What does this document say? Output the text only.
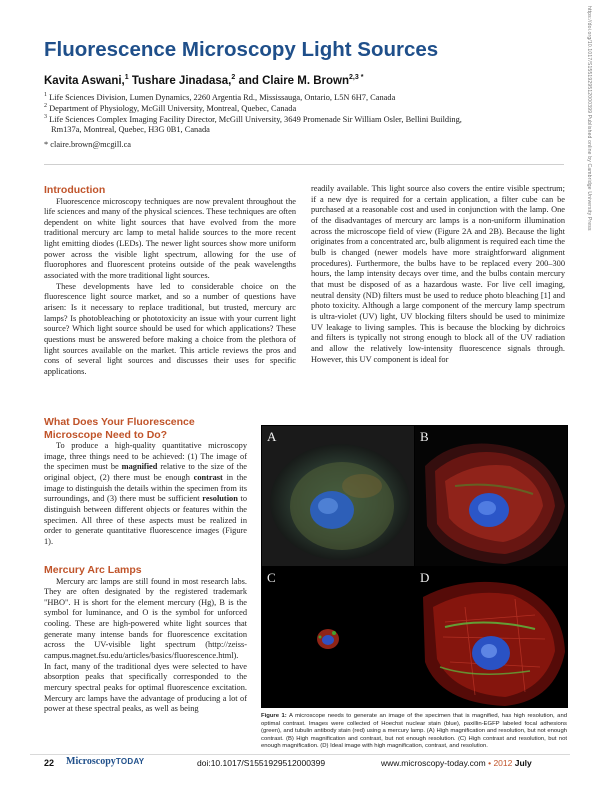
https://doi.org/10.1017/S1551929512000399 Published online by Cambridge University Press
Fluorescence Microscopy Light Sources
Kavita Aswani,$^1$ Tushare Jinadasa,$^2$ and Claire M. Brown$^{2,3 *}$
$^1$ Life Sciences Division, Lumen Dynamics, 2260 Argentia Rd., Mississauga, Ontario, L5N 6H7, Canada
$^2$ Department of Physiology, McGill University, Montreal, Quebec, Canada
$^3$ Life Sciences Complex Imaging Facility Director, McGill University, 3649 Promenade Sir William Osler, Bellini Building,
Rm137a, Montreal, Quebec, H3G 0B1, Canada
* claire.brown@mcgill.ca
Introduction
Fluorescence microscopy techniques are now prevalent throughout the life sciences and many of the physical sciences. These techniques are often dependent on white light sources that have evolved from the more traditional mercury arc lamp to metal halide sources to the more recent light emitting diodes (LEDs). The newer light sources show more uniform power across the visible light spectrum, allowing for the use of fluorophores and fluorescent proteins outside of the peak wavelengths associated with the more traditional light sources.
These developments have led to considerable choice on the fluorescence light source market, and so a number of questions have arisen: Is it necessary to replace traditional, but trusted, mercury arc lamps? Is photobleaching or phototoxicity an issue with your current light source? Which light source should be used for which applications? These questions must be answered before making a choice from the plethora of light sources available on the market. This article reviews the pros and cons of several light sources and discusses their uses for specific applications.
What Does Your Fluorescence
Microscope Need to Do?
To produce a high-quality quantitative microscopy image, three things need to be achieved: (1) The image of the specimen must be magnified relative to the size of the original object, (2) there must be enough contrast in the image to distinguish the details within the specimen from its surroundings, and (3) there must be sufficient resolution to distinguish between different objects or features within the specimen. All three of these aspects must be realized in order to generate quantitative fluorescence images (Figure 1).
Mercury Arc Lamps
Mercury arc lamps are still found in most research labs. They are often designated by the registered trademark "HBO". H is short for the element mercury (Hg), B is the symbol for luminance, and O is the symbol for unforced cooling. These are high-powered white light sources that generate many intense bands for fluorescence excitation across the UV-visible light spectrum (http://zeiss-campus.magnet.fsu.edu/articles/basics/fluorescence.html). In fact, many of the traditional dyes were selected to have absorption peaks that specifically corresponded to the mercury spectral peaks for optimal fluorescence excitation. Mercury arc lamps have the advantage of producing a lot of power at these spectral peaks, as well as being
readily available. This light source also covers the entire visible spectrum; if a new dye is required for a certain application, a filter cube can be purchased at a reasonable cost and used in conjunction with the lamp. One of the disadvantages of mercury arc lamps is a non-uniform illumination across the microscope field of view (Figure 2A and 2B). Because the light originates from a concentrated arc, bulb alignment is required each time the bulb is changed (newer models have more straightforward alignment procedures). Furthermore, the bulbs have to be replaced every 200–300 hours, the lamp intensity decays over time, and the bulbs contain mercury that must be disposed of as a hazardous waste. For live cell imaging, neutral density (ND) filters must be used to reduce photo bleaching [1] and photo toxicity. Although a large component of the mercury lamp spectrum is ultra-violet (UV) light, UV blocking filters should be used to minimize UV leakage to living samples. This is because the blocking by dichroics and filters is typically not strong enough to block all of the UV radiation and allow the relatively low-intensity fluorescence signals through. However, this UV component is ideal for
A	B
C	D
Figure 1: A microscope needs to generate an image of the specimen that is magnified, has high resolution, and optimal contrast. Images were collected of Hoechst nuclear stain (blue), paxillin-EGFP labeled focal adhesions (green), and tubulin antibody stain (red) using a mercury lamp. (A) High magnification and resolution, but not enough contrast. (B) High magnification and contrast, but not enough resolution. (C) High contrast and resolution, but not enough magnification. (D) Ideal image with high magnification, contrast, and resolution.
22 MicroscopyTODAY	doi:10.1017/S1551929512000399	www.microscopy-today.com • 2012 July
